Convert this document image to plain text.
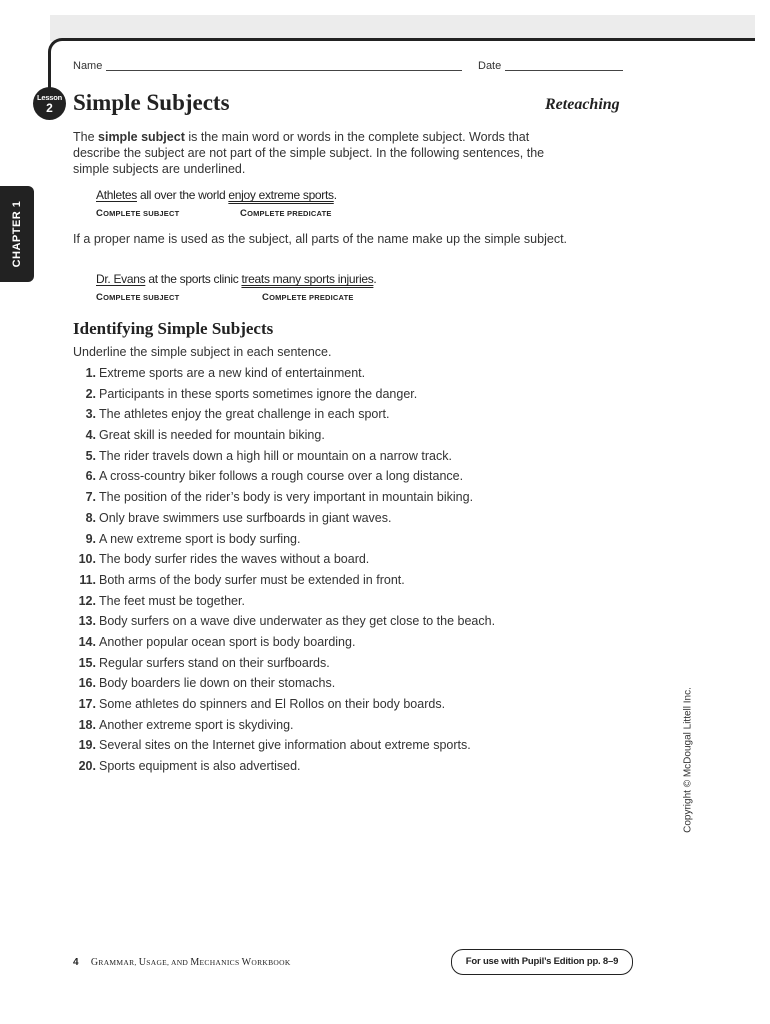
Name	Date
Lesson
2 Simple Subjects	Reteaching
CHAPTER 1
The simple subject is the main word or words in the complete subject. Words that describe the subject are not part of the simple subject. In the following sentences, the simple subjects are underlined.
Athletes all over the world enjoy extreme sports.
COMPLETE SUBJECT	COMPLETE PREDICATE
If a proper name is used as the subject, all parts of the name make up the simple subject.
Dr. Evans at the sports clinic treats many sports injuries.
COMPLETE SUBJECT	COMPLETE PREDICATE
Identifying Simple Subjects
Underline the simple subject in each sentence.
1. Extreme sports are a new kind of entertainment.
2. Participants in these sports sometimes ignore the danger.
3. The athletes enjoy the great challenge in each sport.
4. Great skill is needed for mountain biking.
5. The rider travels down a high hill or mountain on a narrow track.
6. A cross-country biker follows a rough course over a long distance.
7. The position of the rider’s body is very important in mountain biking.
8. Only brave swimmers use surfboards in giant waves.
9. A new extreme sport is body surfing.
10. The body surfer rides the waves without a board.
11. Both arms of the body surfer must be extended in front.
12. The feet must be together.
13. Body surfers on a wave dive underwater as they get close to the beach.
14. Another popular ocean sport is body boarding.
15. Regular surfers stand on their surfboards.
16. Body boarders lie down on their stomachs.
17. Some athletes do spinners and El Rollos on their body boards.
18. Another extreme sport is skydiving.
19. Several sites on the Internet give information about extreme sports.
20. Sports equipment is also advertised.	Copyright © McDougal Littell Inc.
4 GRAMMAR, USAGE, AND MECHANICS WORKBOOK	For use with Pupil’s Edition pp. 8–9
